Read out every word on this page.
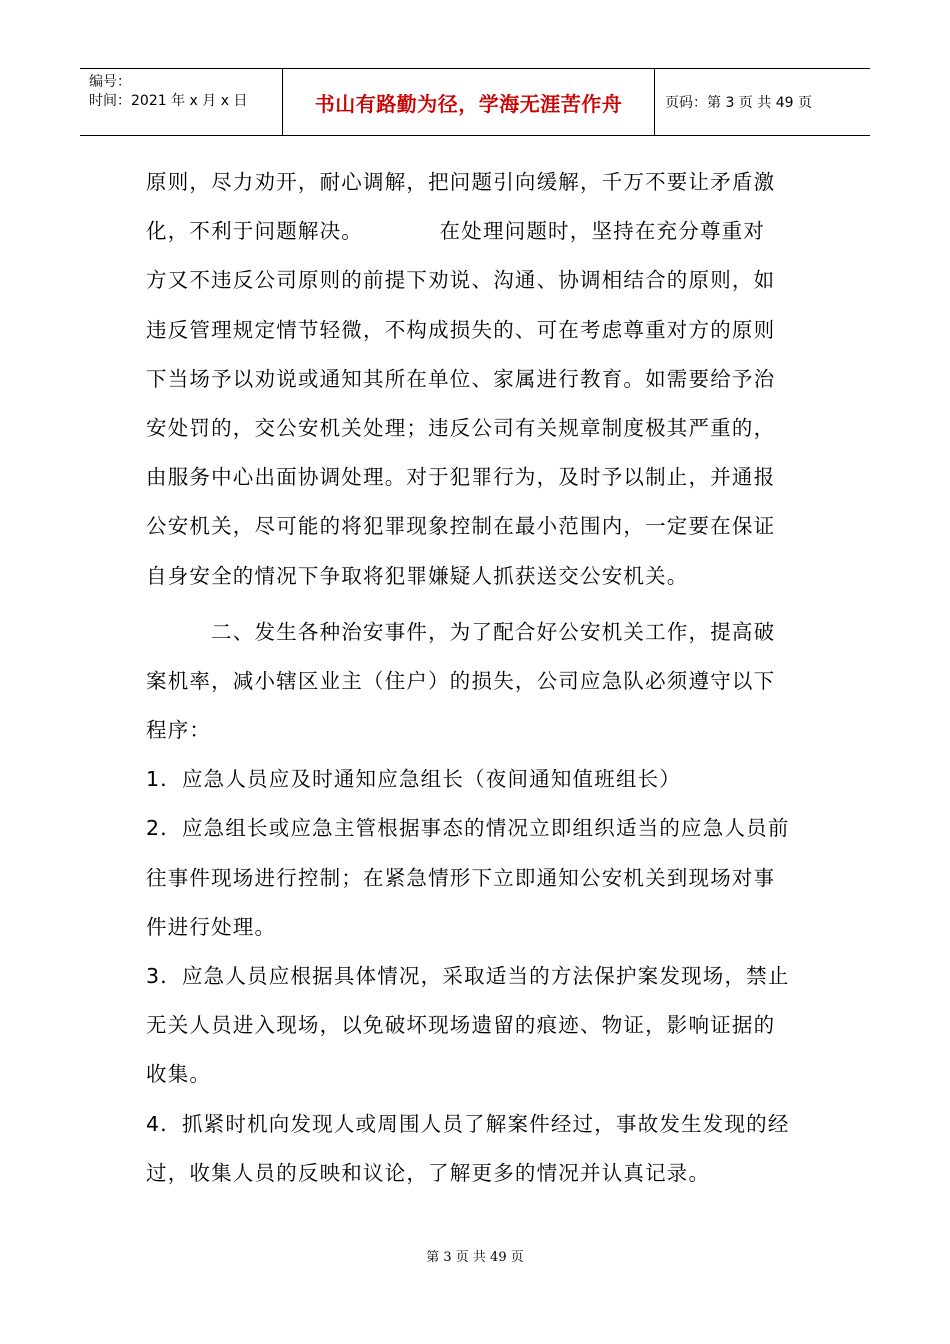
编号：
时间：2021 年 x 月 x 日	书山有路勤为径，学海无涯苦作舟	页码：第 3 页 共 49 页
原则，尽力劝开，耐心调解，把问题引向缓解，千万不要让矛盾激
化，不利于问题解决。　　　　在处理问题时，坚持在充分尊重对
方又不违反公司原则的前提下劝说、沟通、协调相结合的原则，如
违反管理规定情节轻微，不构成损失的、可在考虑尊重对方的原则
下当场予以劝说或通知其所在单位、家属进行教育。如需要给予治
安处罚的，交公安机关处理；违反公司有关规章制度极其严重的，
由服务中心出面协调处理。对于犯罪行为，及时予以制止，并通报
公安机关，尽可能的将犯罪现象控制在最小范围内，一定要在保证
自身安全的情况下争取将犯罪嫌疑人抓获送交公安机关。
　　　二、发生各种治安事件，为了配合好公安机关工作，提高破
案机率，减小辖区业主（住户）的损失，公司应急队必须遵守以下
程序：
1．应急人员应及时通知应急组长（夜间通知值班组长）
2．应急组长或应急主管根据事态的情况立即组织适当的应急人员前
往事件现场进行控制；在紧急情形下立即通知公安机关到现场对事
件进行处理。
3．应急人员应根据具体情况，采取适当的方法保护案发现场，禁止
无关人员进入现场，以免破坏现场遗留的痕迹、物证，影响证据的
收集。
4．抓紧时机向发现人或周围人员了解案件经过，事故发生发现的经
过，收集人员的反映和议论，了解更多的情况并认真记录。
第 3 页 共 49 页
